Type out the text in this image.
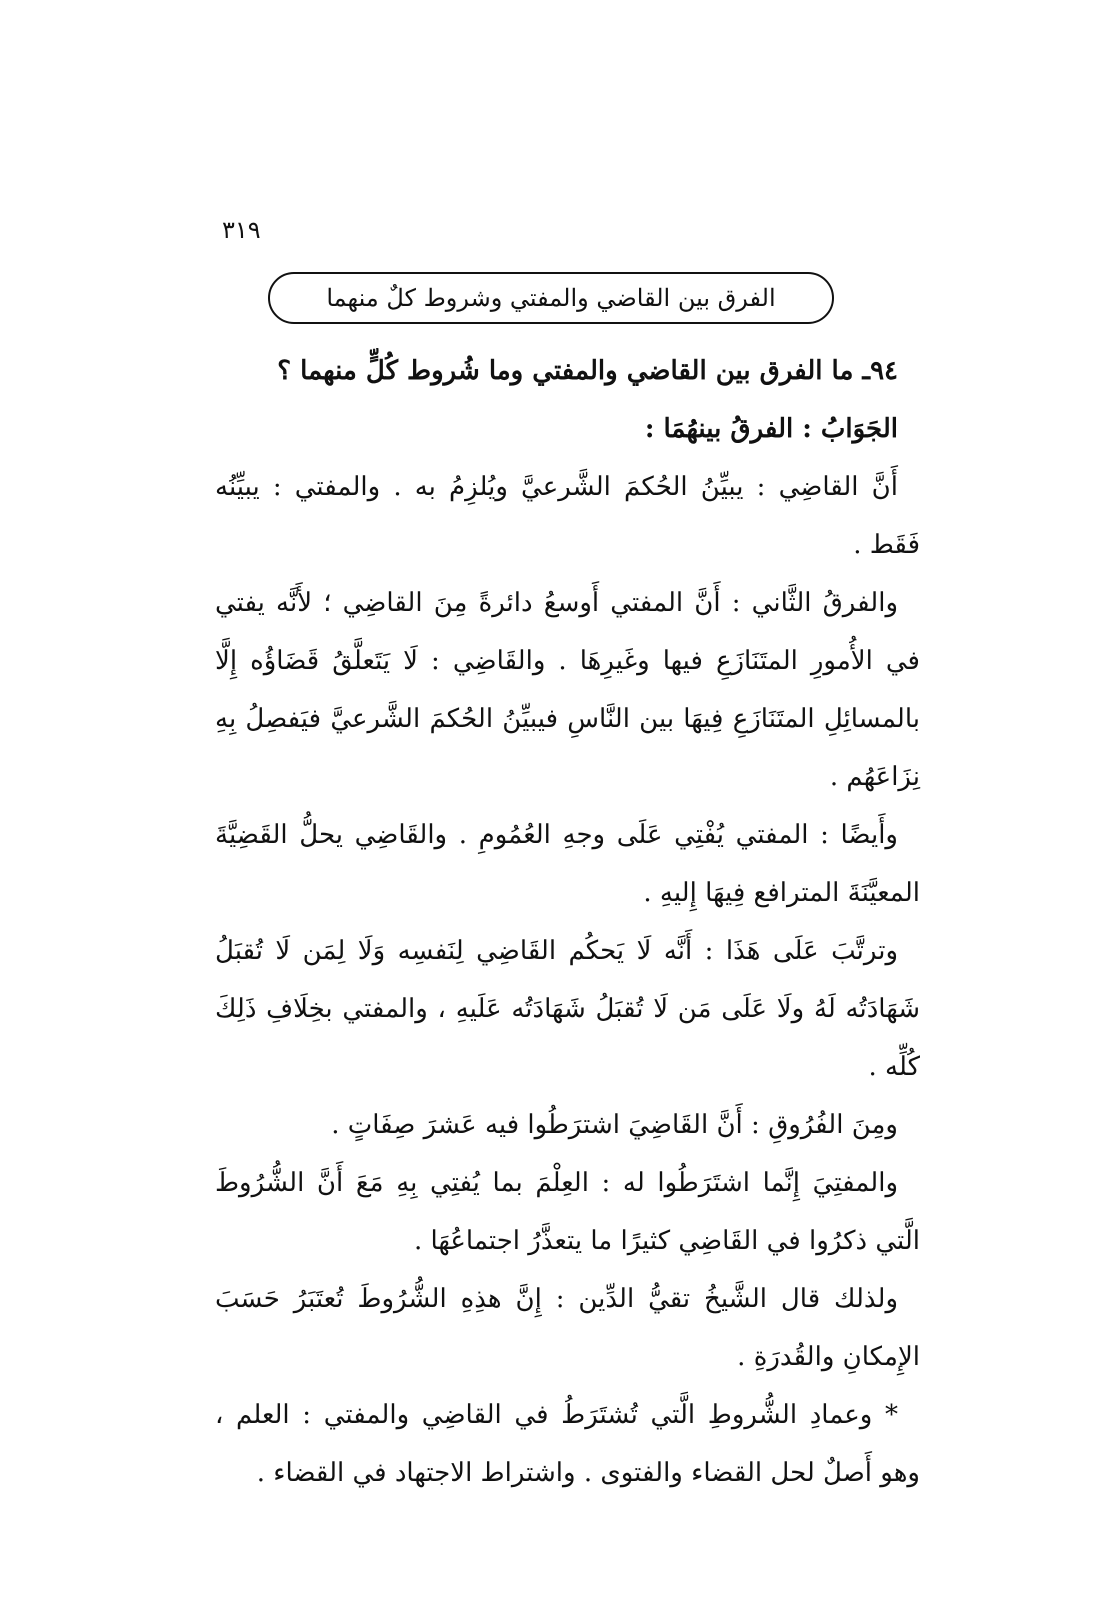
٣١٩
الفرق بين القاضي والمفتي وشروط كلٌ منهما

٩٤ـ ما الفرق بين القاضي والمفتي وما شُروط كُلٍّ منهما ؟

الجَوَابُ : الفرقُ بينهُمَا :

أَنَّ القاضِي : يبيِّنُ الحُكمَ الشَّرعيَّ ويُلزِمُ به . والمفتي : يبيِّنُه فَقَط .

والفرقُ الثَّاني : أَنَّ المفتي أَوسعُ دائرةً مِنَ القاضِي ؛ لأَنَّه يفتي في الأُمورِ المتَنَازَعِ فيها وغَيرِهَا . والقَاضِي : لَا يَتَعلَّقُ قَضَاؤُه إِلَّا بالمسائِلِ المتَنَازَعِ فِيهَا بين النَّاسِ فيبيِّنُ الحُكمَ الشَّرعيَّ فيَفصِلُ بِهِ نِزَاعَهُم .

وأَيضًا : المفتي يُفْتِي عَلَى وجهِ العُمُومِ . والقَاضِي يحلُّ القَضِيَّةَ المعيَّنَةَ المترافع فِيهَا إِليهِ .

وترتَّبَ عَلَى هَذَا : أَنَّه لَا يَحكُم القَاضِي لِنَفسِه وَلَا لِمَن لَا تُقبَلُ شَهَادَتُه لَهُ ولَا عَلَى مَن لَا تُقبَلُ شَهَادَتُه عَلَيهِ ، والمفتي بخِلَافِ ذَلِكَ كُلِّه .

ومِنَ الفُرُوقِ : أَنَّ القَاضِيَ اشترَطُوا فيه عَشرَ صِفَاتٍ .

والمفتِيَ إِنَّما اشتَرَطُوا له : العِلْمَ بما يُفتِي بِهِ مَعَ أَنَّ الشُّرُوطَ الَّتي ذكرُوا في القَاضِي كثيرًا ما يتعذَّرُ اجتماعُهَا .

ولذلك قال الشَّيخُ تقيُّ الدِّين : إِنَّ هذِهِ الشُّرُوطَ تُعتَبَرُ حَسَبَ الإِمكانِ والقُدرَةِ .

* وعمادِ الشُّروطِ الَّتي تُشتَرَطُ في القاضِي والمفتي : العلم ، وهو أَصلٌ لحل القضاء والفتوى . واشتراط الاجتهاد في القضاء .
